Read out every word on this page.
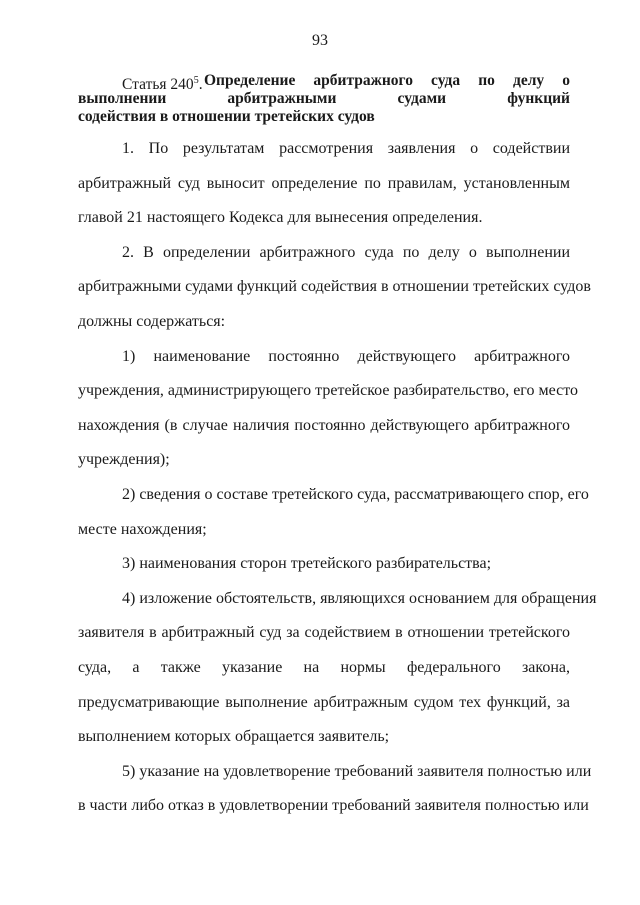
93
Статья $240^5$. Определение арбитражного суда по делу о
выполнении арбитражными судами функций
содействия в отношении третейских судов
1. По результатам рассмотрения заявления о содействии
арбитражный суд выносит определение по правилам, установленным
главой 21 настоящего Кодекса для вынесения определения.
2. В определении арбитражного суда по делу о выполнении
арбитражными судами функций содействия в отношении третейских судов
должны содержаться:
1) наименование постоянно действующего арбитражного
учреждения, администрирующего третейское разбирательство, его место
нахождения (в случае наличия постоянно действующего арбитражного
учреждения);
2) сведения о составе третейского суда, рассматривающего спор, его
месте нахождения;
3) наименования сторон третейского разбирательства;
4) изложение обстоятельств, являющихся основанием для обращения
заявителя в арбитражный суд за содействием в отношении третейского
суда, а также указание на нормы федерального закона,
предусматривающие выполнение арбитражным судом тех функций, за
выполнением которых обращается заявитель;
5) указание на удовлетворение требований заявителя полностью или
в части либо отказ в удовлетворении требований заявителя полностью или
